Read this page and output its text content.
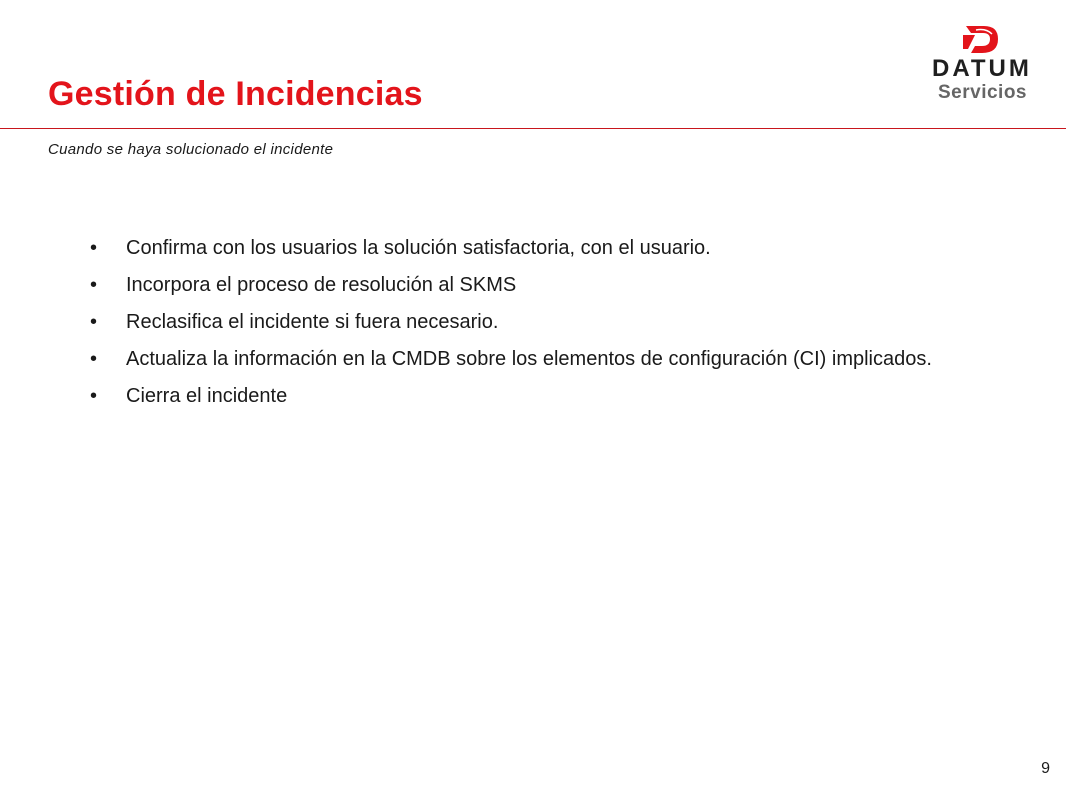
Gestión de Incidencias
DATUM
Servicios
Cuando se haya solucionado el incidente
• Confirma con los usuarios la solución satisfactoria, con el usuario.
• Incorpora el proceso de resolución al SKMS
• Reclasifica el incidente si fuera necesario.
• Actualiza la información en la CMDB sobre los elementos de configuración (CI) implicados.
• Cierra el incidente
9
